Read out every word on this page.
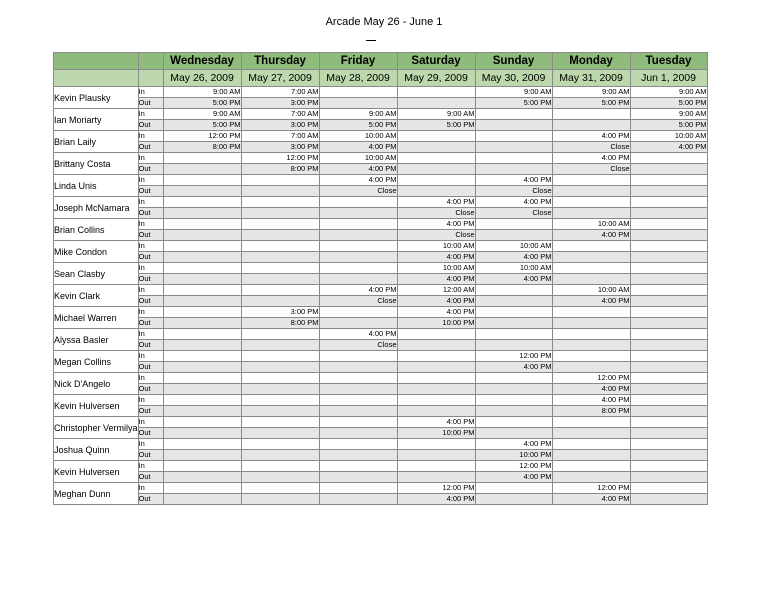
Arcade May 26 - June 1
		Wednesday	Thursday	Friday	Saturday	Sunday	Monday	Tuesday
		May 26, 2009	May 27, 2009	May 28, 2009	May 29, 2009	May 30, 2009	May 31, 2009	Jun 1, 2009
Kevin Plausky	In	9:00 AM	7:00 AM			9:00 AM	9:00 AM	9:00 AM
	Out	5:00 PM	3:00 PM			5:00 PM	5:00 PM	5:00 PM
Ian Moriarty	In	9:00 AM	7:00 AM	9:00 AM	9:00 AM			9:00 AM
	Out	5:00 PM	3:00 PM	5:00 PM	5:00 PM			5:00 PM
Brian Laily	In	12:00 PM	7:00 AM	10:00 AM			4:00 PM	10:00 AM
	Out	8:00 PM	3:00 PM	4:00 PM			Close	4:00 PM
Brittany Costa	In		12:00 PM	10:00 AM			4:00 PM	
	Out		8:00 PM	4:00 PM			Close	
Linda Unis	In			4:00 PM		4:00 PM		
	Out			Close		Close		
Joseph McNamara	In				4:00 PM	4:00 PM		
	Out				Close	Close		
Brian Collins	In				4:00 PM		10:00 AM	
	Out				Close		4:00 PM	
Mike Condon	In				10:00 AM	10:00 AM		
	Out				4:00 PM	4:00 PM		
Sean Clasby	In				10:00 AM	10:00 AM		
	Out				4:00 PM	4:00 PM		
Kevin Clark	In			4:00 PM	12:00 AM		10:00 AM	
	Out			Close	4:00 PM		4:00 PM	
Michael Warren	In		3:00 PM		4:00 PM			
	Out		8:00 PM		10:00 PM			
Alyssa Basler	In			4:00 PM				
	Out			Close				
Megan Collins	In					12:00 PM		
	Out					4:00 PM		
Nick D'Angelo	In						12:00 PM	
	Out						4:00 PM	
Kevin Hulversen	In						4:00 PM	
	Out						8:00 PM	
Christopher Vermilya	In				4:00 PM			
	Out				10:00 PM			
Joshua Quinn	In					4:00 PM		
	Out					10:00 PM		
Kevin Hulversen	In					12:00 PM		
	Out					4:00 PM		
Meghan Dunn	In				12:00 PM		12:00 PM	
	Out				4:00 PM		4:00 PM	
